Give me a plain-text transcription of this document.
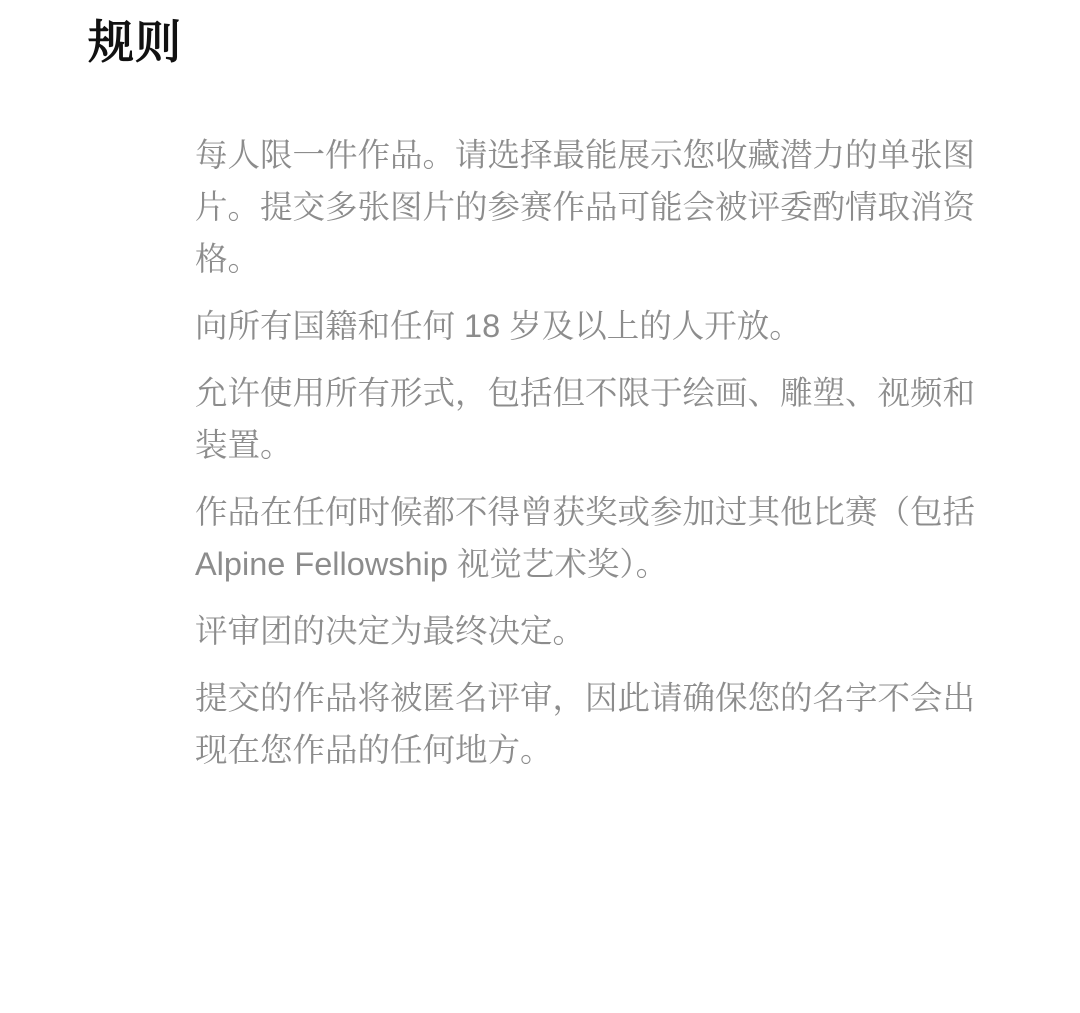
规则
每人限一件作品。请选择最能展示您收藏潜力的单张图片。提交多张图片的参赛作品可能会被评委酌情取消资格。
向所有国籍和任何 18 岁及以上的人开放。
允许使用所有形式，包括但不限于绘画、雕塑、视频和装置。
作品在任何时候都不得曾获奖或参加过其他比赛（包括 Alpine Fellowship 视觉艺术奖）。
评审团的决定为最终决定。
提交的作品将被匿名评审，因此请确保您的名字不会出现在您作品的任何地方。
